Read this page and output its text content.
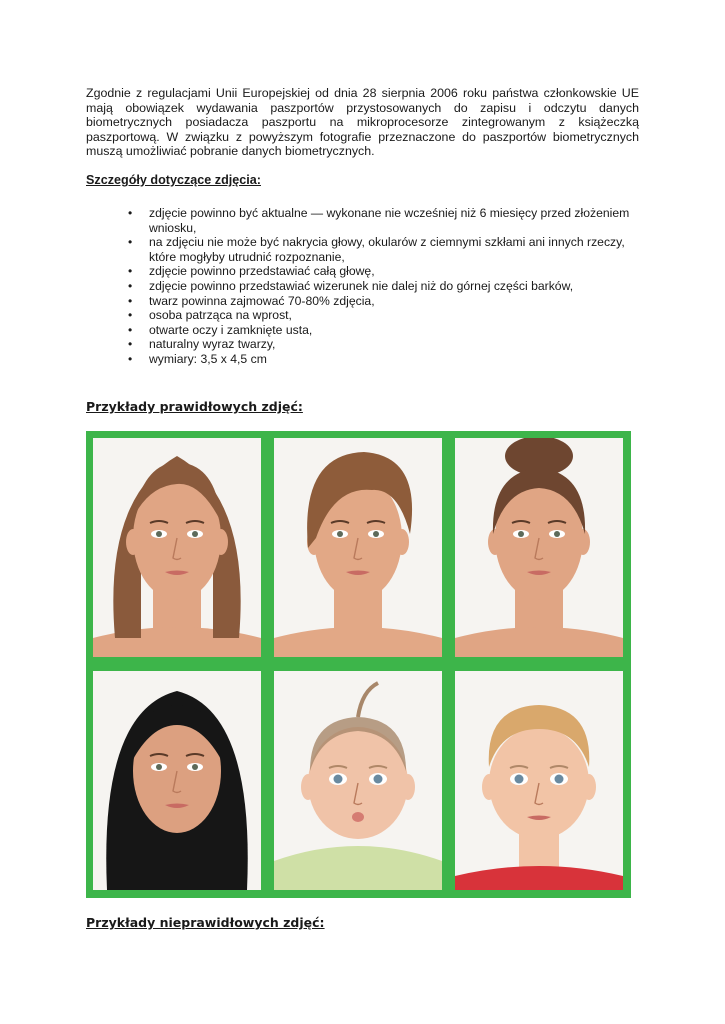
Zgodnie z regulacjami Unii Europejskiej od dnia 28 sierpnia 2006 roku państwa członkowskie UE mają obowiązek wydawania paszportów przystosowanych do zapisu i odczytu danych biometrycznych posiadacza paszportu na mikroprocesorze zintegrowanym z książeczką paszportową. W związku z powyższym fotografie przeznaczone do paszportów biometrycznych muszą umożliwiać pobranie danych biometrycznych.

Szczegóły dotyczące zdjęcia:

• zdjęcie powinno być aktualne — wykonane nie wcześniej niż 6 miesięcy przed złożeniem wniosku,
• na zdjęciu nie może być nakrycia głowy, okularów z ciemnymi szkłami ani innych rzeczy, które mogłyby utrudnić rozpoznanie,
• zdjęcie powinno przedstawiać całą głowę,
• zdjęcie powinno przedstawiać wizerunek nie dalej niż do górnej części barków,
• twarz powinna zajmować 70-80% zdjęcia,
• osoba patrząca na wprost,
• otwarte oczy i zamknięte usta,
• naturalny wyraz twarzy,
• wymiary: 3,5 x 4,5 cm

Przykłady prawidłowych zdjęć:

Przykłady nieprawidłowych zdjęć:
